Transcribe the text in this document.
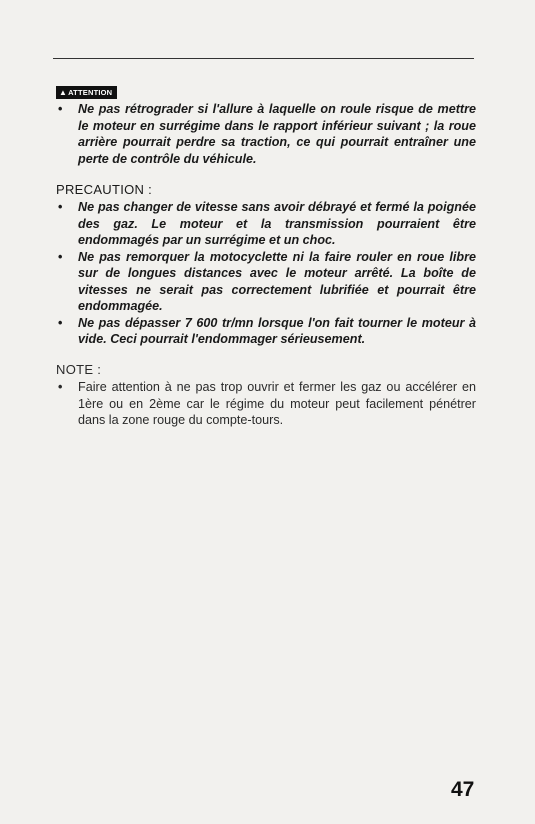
▲ ATTENTION
• Ne pas rétrograder si l'allure à laquelle on roule risque de mettre le moteur en surrégime dans le rapport inférieur suivant ; la roue arrière pourrait perdre sa traction, ce qui pourrait entraîner une perte de contrôle du véhicule.

PRECAUTION :

• Ne pas changer de vitesse sans avoir débrayé et fermé la poignée des gaz. Le moteur et la transmission pourraient être endommagés par un surrégime et un choc.
• Ne pas remorquer la motocyclette ni la faire rouler en roue libre sur de longues distances avec le moteur arrêté. La boîte de vitesses ne serait pas correctement lubrifiée et pourrait être endommagée.
• Ne pas dépasser 7 600 tr/mn lorsque l'on fait tourner le moteur à vide. Ceci pourrait l'endommager sérieusement.

NOTE :

• Faire attention à ne pas trop ouvrir et fermer les gaz ou accélérer en 1ère ou en 2ème car le régime du moteur peut facilement pénétrer dans la zone rouge du compte-tours.
47
